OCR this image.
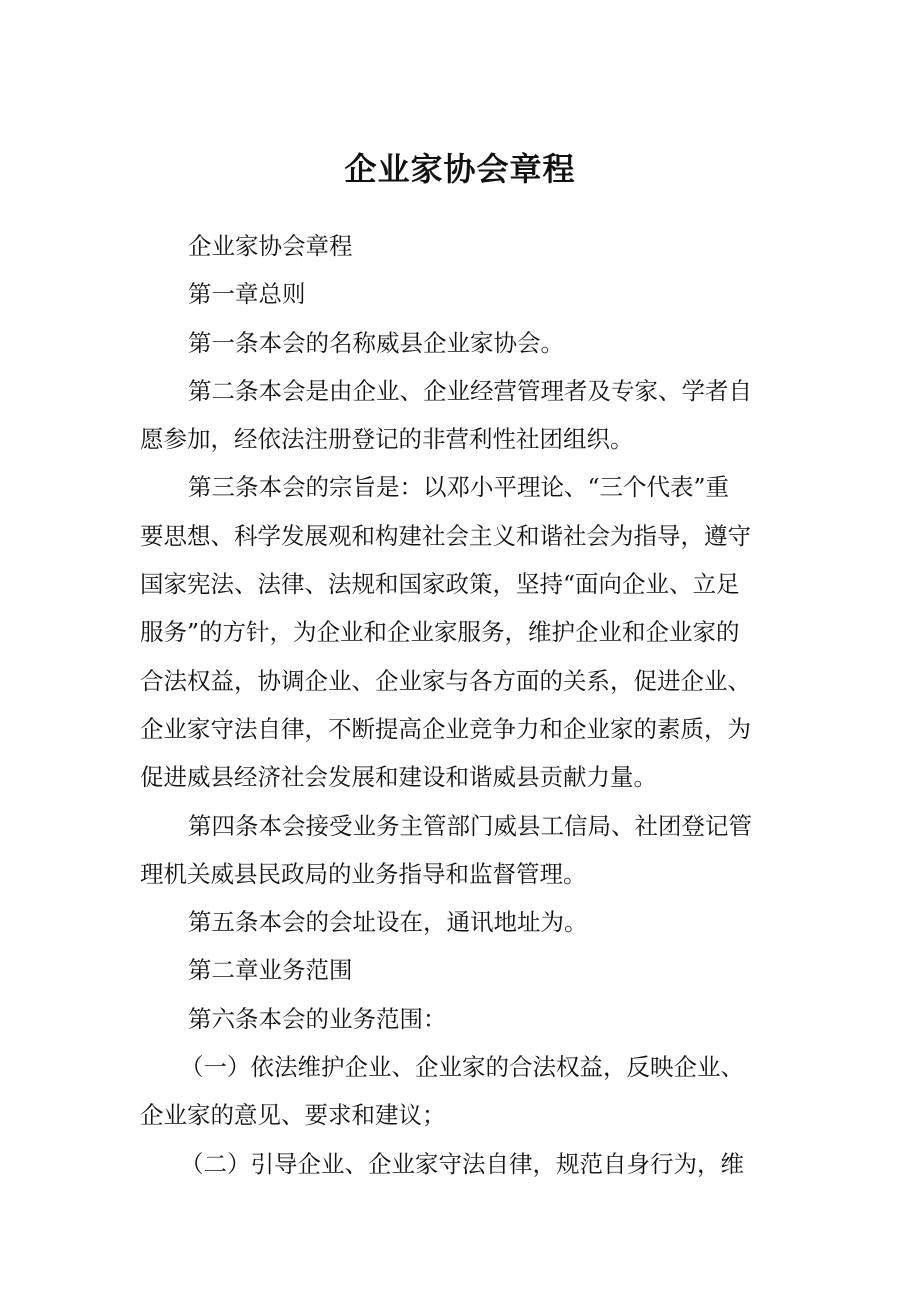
企业家协会章程
企业家协会章程
第一章总则
第一条本会的名称威县企业家协会。
第二条本会是由企业、企业经营管理者及专家、学者自
愿参加，经依法注册登记的非营利性社团组织。
第三条本会的宗旨是：以邓小平理论、“三个代表”重
要思想、科学发展观和构建社会主义和谐社会为指导，遵守
国家宪法、法律、法规和国家政策，坚持“面向企业、立足
服务”的方针，为企业和企业家服务，维护企业和企业家的
合法权益，协调企业、企业家与各方面的关系，促进企业、
企业家守法自律，不断提高企业竞争力和企业家的素质，为
促进威县经济社会发展和建设和谐威县贡献力量。
第四条本会接受业务主管部门威县工信局、社团登记管
理机关威县民政局的业务指导和监督管理。
第五条本会的会址设在，通讯地址为。
第二章业务范围
第六条本会的业务范围：
（一）依法维护企业、企业家的合法权益，反映企业、
企业家的意见、要求和建议；
（二）引导企业、企业家守法自律，规范自身行为，维
